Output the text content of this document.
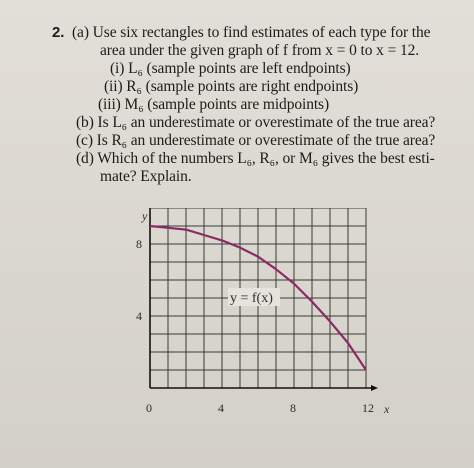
2. (a) Use six rectangles to find estimates of each type for the
area under the given graph of f from x = 0 to x = 12.
(i) L₆ (sample points are left endpoints)
(ii) R₆ (sample points are right endpoints)
(iii) M₆ (sample points are midpoints)
(b) Is L₆ an underestimate or overestimate of the true area?
(c) Is R₆ an underestimate or overestimate of the true area?
(d) Which of the numbers L₆, R₆, or M₆ gives the best esti-
mate? Explain.
0	4	8	12
8
4
y = f(x)
y
x
